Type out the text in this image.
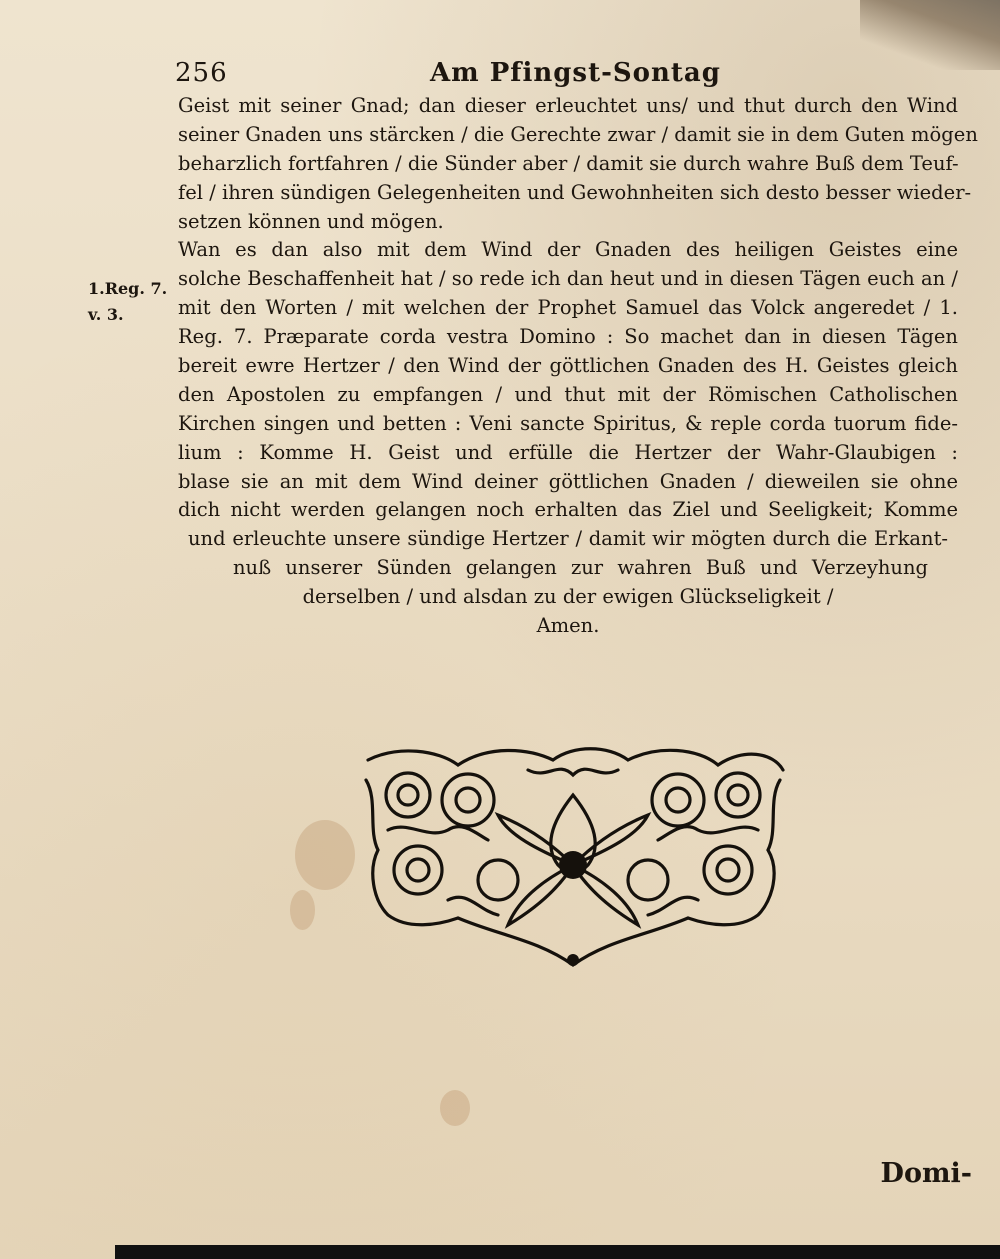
256	Am Pfingst-Sontag
1.Reg. 7.
v. 3.
Geist mit seiner Gnad; dan dieser erleuchtet uns/ und thut durch den Wind
seiner Gnaden uns stärcken / die Gerechte zwar / damit sie in dem Guten mögen
beharzlich fortfahren / die Sünder aber / damit sie durch wahre Buß dem Teuf-
fel / ihren sündigen Gelegenheiten und Gewohnheiten sich desto besser wieder-
setzen können und mögen.
Wan es dan also mit dem Wind der Gnaden des heiligen Geistes eine
solche Beschaffenheit hat / so rede ich dan heut und in diesen Tägen euch an /
mit den Worten / mit welchen der Prophet Samuel das Volck angeredet / 1.
Reg. 7. Præparate corda vestra Domino : So machet dan in diesen Tägen
bereit ewre Hertzer / den Wind der göttlichen Gnaden des H. Geistes gleich
den Apostolen zu empfangen / und thut mit der Römischen Catholischen
Kirchen singen und betten : Veni sancte Spiritus, & reple corda tuorum fide-
lium : Komme H. Geist und erfülle die Hertzer der Wahr-Glaubigen :
blase sie an mit dem Wind deiner göttlichen Gnaden / dieweilen sie ohne
dich nicht werden gelangen noch erhalten das Ziel und Seeligkeit; Komme
und erleuchte unsere sündige Hertzer / damit wir mögten durch die Erkant-
nuß unserer Sünden gelangen zur wahren Buß und Verzeyhung
derselben / und alsdan zu der ewigen Glückseligkeit /
Amen.
Domi-
